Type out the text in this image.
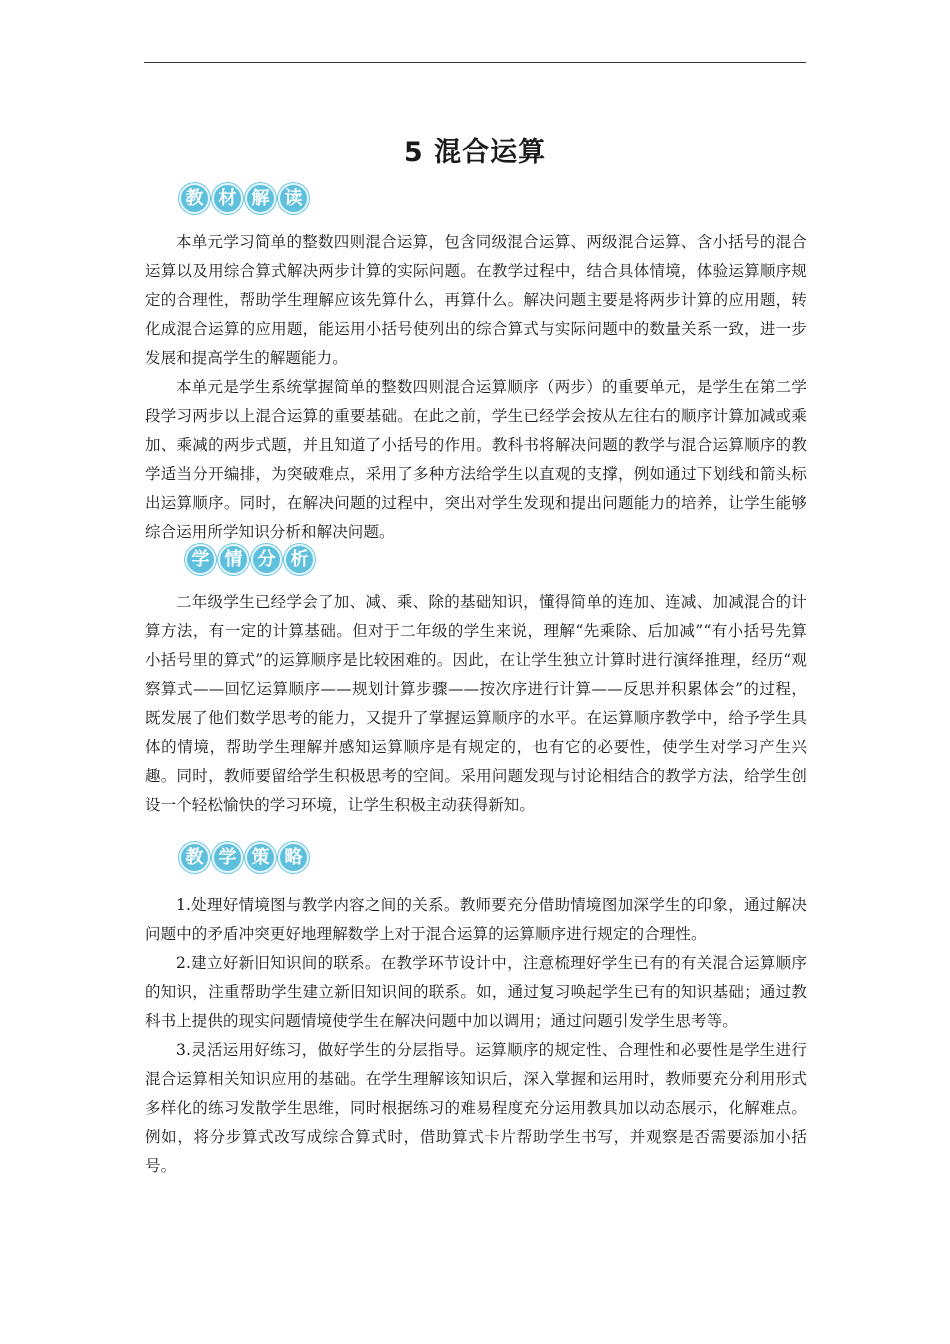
5 混合运算
教 材 解 读

本单元学习简单的整数四则混合运算，包含同级混合运算、两级混合运算、含小括号的混合运算以及用综合算式解决两步计算的实际问题。在教学过程中，结合具体情境，体验运算顺序规定的合理性，帮助学生理解应该先算什么，再算什么。解决问题主要是将两步计算的应用题，转化成混合运算的应用题，能运用小括号使列出的综合算式与实际问题中的数量关系一致，进一步发展和提高学生的解题能力。

本单元是学生系统掌握简单的整数四则混合运算顺序（两步）的重要单元，是学生在第二学段学习两步以上混合运算的重要基础。在此之前，学生已经学会按从左往右的顺序计算加减或乘加、乘减的两步式题，并且知道了小括号的作用。教科书将解决问题的教学与混合运算顺序的教学适当分开编排，为突破难点，采用了多种方法给学生以直观的支撑，例如通过下划线和箭头标出运算顺序。同时，在解决问题的过程中，突出对学生发现和提出问题能力的培养，让学生能够综合运用所学知识分析和解决问题。

学 情 分 析

二年级学生已经学会了加、减、乘、除的基础知识，懂得简单的连加、连减、加减混合的计算方法，有一定的计算基础。但对于二年级的学生来说，理解“先乘除、后加减”“有小括号先算小括号里的算式”的运算顺序是比较困难的。因此，在让学生独立计算时进行演绎推理，经历“观察算式——回忆运算顺序——规划计算步骤——按次序进行计算——反思并积累体会”的过程，既发展了他们数学思考的能力，又提升了掌握运算顺序的水平。在运算顺序教学中，给予学生具体的情境，帮助学生理解并感知运算顺序是有规定的，也有它的必要性，使学生对学习产生兴趣。同时，教师要留给学生积极思考的空间。采用问题发现与讨论相结合的教学方法，给学生创设一个轻松愉快的学习环境，让学生积极主动获得新知。

教 学 策 略

1.处理好情境图与教学内容之间的关系。教师要充分借助情境图加深学生的印象，通过解决问题中的矛盾冲突更好地理解数学上对于混合运算的运算顺序进行规定的合理性。

2.建立好新旧知识间的联系。在教学环节设计中，注意梳理好学生已有的有关混合运算顺序的知识，注重帮助学生建立新旧知识间的联系。如，通过复习唤起学生已有的知识基础；通过教科书上提供的现实问题情境使学生在解决问题中加以调用；通过问题引发学生思考等。

3.灵活运用好练习，做好学生的分层指导。运算顺序的规定性、合理性和必要性是学生进行混合运算相关知识应用的基础。在学生理解该知识后，深入掌握和运用时，教师要充分利用形式多样化的练习发散学生思维，同时根据练习的难易程度充分运用教具加以动态展示，化解难点。例如，将分步算式改写成综合算式时，借助算式卡片帮助学生书写，并观察是否需要添加小括号。
